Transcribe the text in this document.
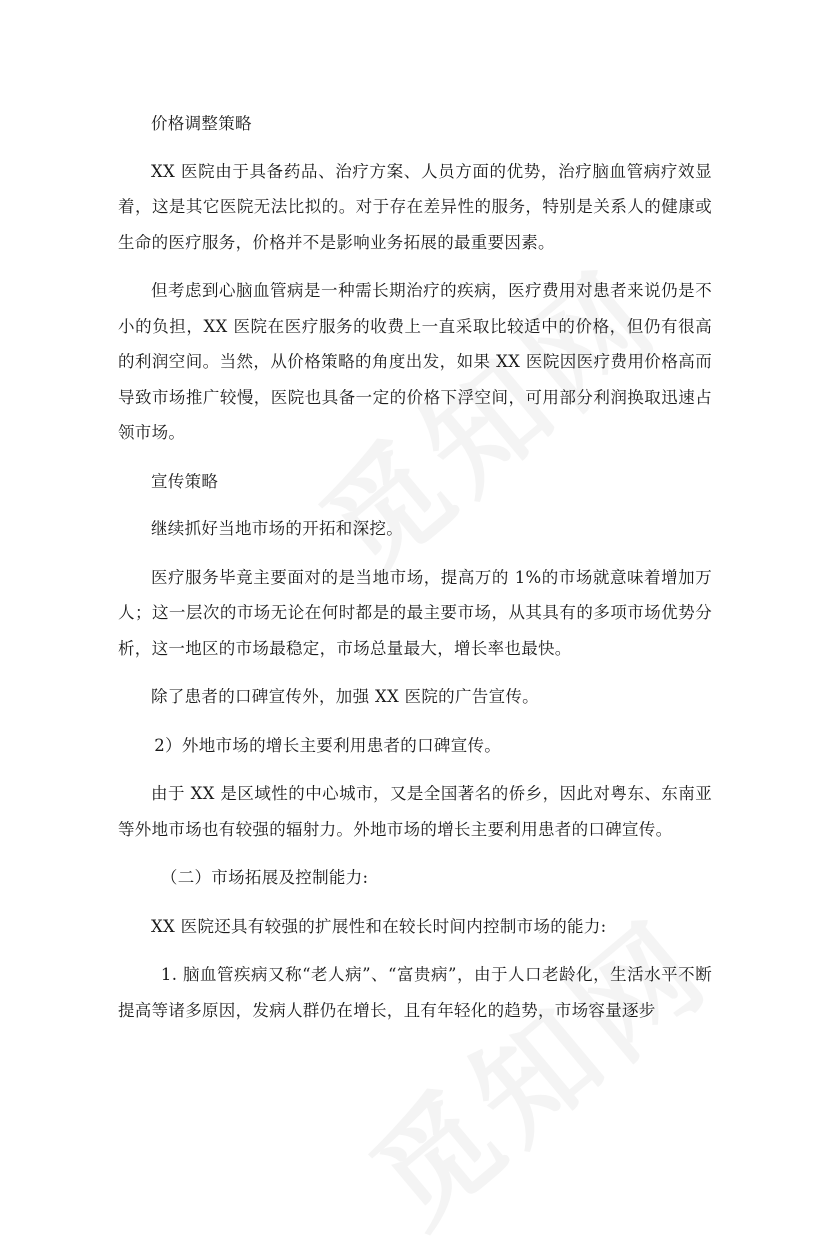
价格调整策略

XX 医院由于具备药品、治疗方案、人员方面的优势，治疗脑血管病疗效显着，这是其它医院无法比拟的。对于存在差异性的服务，特别是关系人的健康或生命的医疗服务，价格并不是影响业务拓展的最重要因素。

但考虑到心脑血管病是一种需长期治疗的疾病，医疗费用对患者来说仍是不小的负担，XX 医院在医疗服务的收费上一直采取比较适中的价格，但仍有很高的利润空间。当然，从价格策略的角度出发，如果 XX 医院因医疗费用价格高而导致市场推广较慢，医院也具备一定的价格下浮空间，可用部分利润换取迅速占领市场。

宣传策略

继续抓好当地市场的开拓和深挖。

医疗服务毕竟主要面对的是当地市场，提高万的 1%的市场就意味着增加万人；这一层次的市场无论在何时都是的最主要市场，从其具有的多项市场优势分析，这一地区的市场最稳定，市场总量最大，增长率也最快。

除了患者的口碑宣传外，加强 XX 医院的广告宣传。

2）外地市场的增长主要利用患者的口碑宣传。

由于 XX 是区域性的中心城市，又是全国著名的侨乡，因此对粤东、东南亚等外地市场也有较强的辐射力。外地市场的增长主要利用患者的口碑宣传。

（二）市场拓展及控制能力:

XX 医院还具有较强的扩展性和在较长时间内控制市场的能力:

1. 脑血管疾病又称“老人病”、“富贵病”，由于人口老龄化，生活水平不断提高等诸多原因，发病人群仍在增长，且有年轻化的趋势，市场容量逐步
